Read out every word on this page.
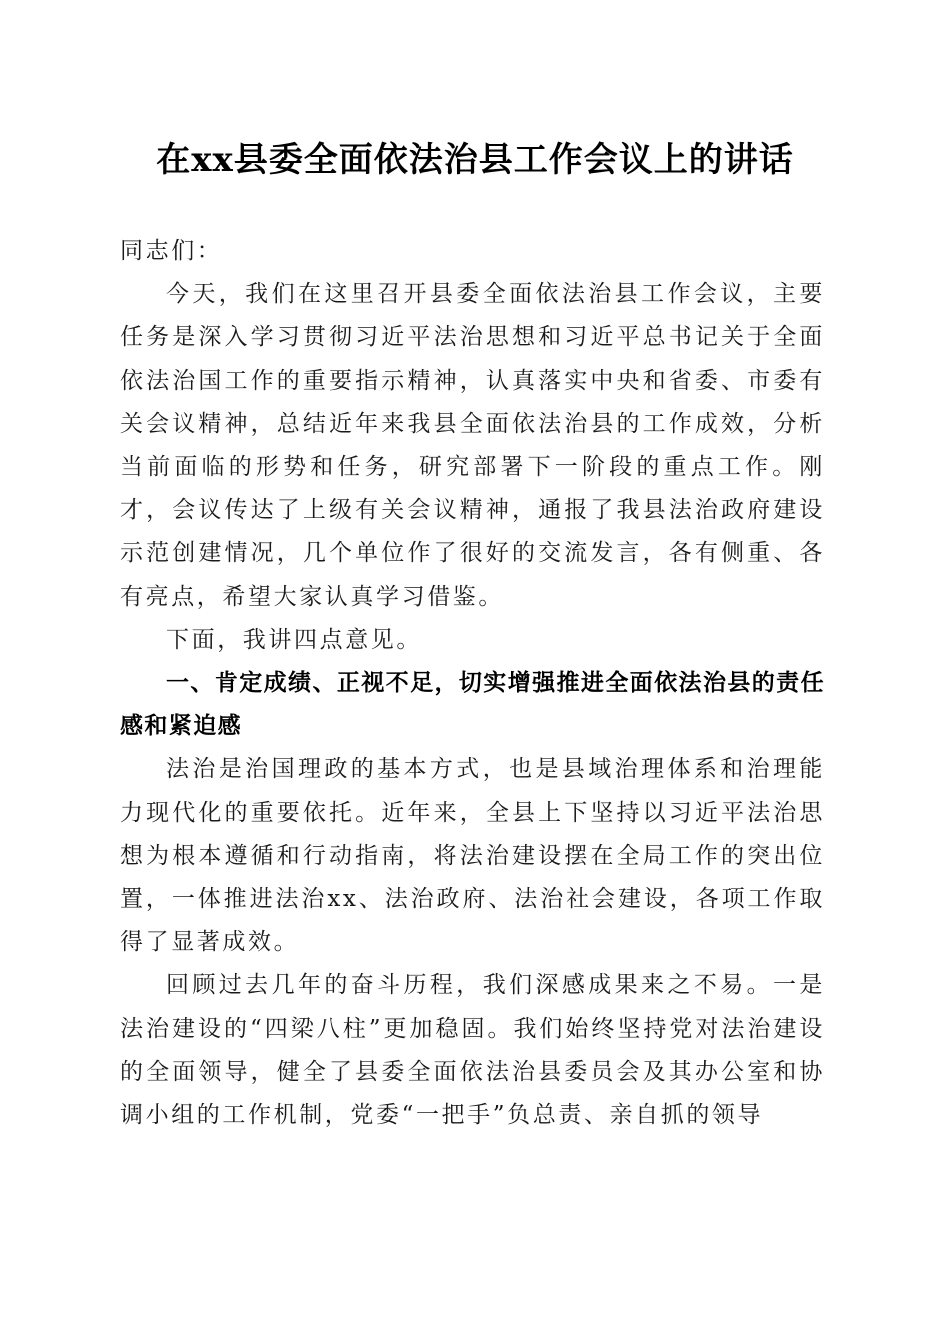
在xx县委全面依法治县工作会议上的讲话

同志们：

今天，我们在这里召开县委全面依法治县工作会议，主要任务是深入学习贯彻习近平法治思想和习近平总书记关于全面依法治国工作的重要指示精神，认真落实中央和省委、市委有关会议精神，总结近年来我县全面依法治县的工作成效，分析当前面临的形势和任务，研究部署下一阶段的重点工作。刚才，会议传达了上级有关会议精神，通报了我县法治政府建设示范创建情况，几个单位作了很好的交流发言，各有侧重、各有亮点，希望大家认真学习借鉴。

下面，我讲四点意见。

一、肯定成绩、正视不足，切实增强推进全面依法治县的责任感和紧迫感

法治是治国理政的基本方式，也是县域治理体系和治理能力现代化的重要依托。近年来，全县上下坚持以习近平法治思想为根本遵循和行动指南，将法治建设摆在全局工作的突出位置，一体推进法治xx、法治政府、法治社会建设，各项工作取得了显著成效。

回顾过去几年的奋斗历程，我们深感成果来之不易。一是法治建设的“四梁八柱”更加稳固。我们始终坚持党对法治建设的全面领导，健全了县委全面依法治县委员会及其办公室和协调小组的工作机制，党委“一把手”负总责、亲自抓的领导
